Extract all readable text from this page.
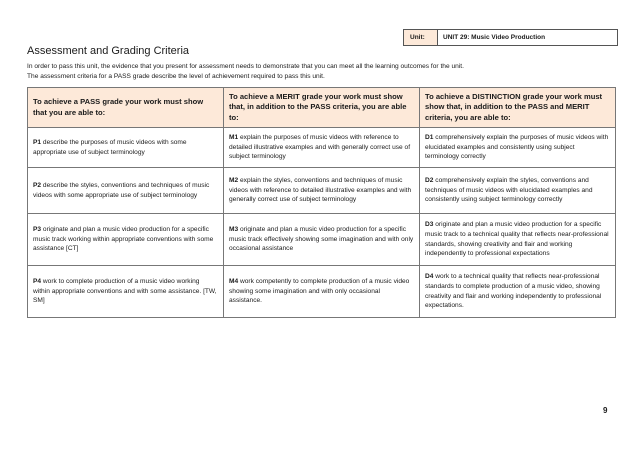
Unit:	UNIT 29: Music Video Production
Assessment and Grading Criteria
In order to pass this unit, the evidence that you present for assessment needs to demonstrate that you can meet all the learning outcomes for the unit.
The assessment criteria for a PASS grade describe the level of achievement required to pass this unit.
To achieve a PASS grade your work must show that you are able to:	To achieve a MERIT grade your work must show that, in addition to the PASS criteria, you are able to:	To achieve a DISTINCTION grade your work must show that, in addition to the PASS and MERIT criteria, you are able to:
P1 describe the purposes of music videos with some appropriate use of subject terminology	M1 explain the purposes of music videos with reference to detailed illustrative examples and with generally correct use of subject terminology	D1 comprehensively explain the purposes of music videos with elucidated examples and consistently using subject terminology correctly
P2 describe the styles, conventions and techniques of music videos with some appropriate use of subject terminology	M2 explain the styles, conventions and techniques of music videos with reference to detailed illustrative examples and with generally correct use of subject terminology	D2 comprehensively explain the styles, conventions and techniques of music videos with elucidated examples and consistently using subject terminology correctly
P3 originate and plan a music video production for a specific music track working within appropriate conventions with some assistance [CT]	M3 originate and plan a music video production for a specific music track effectively showing some imagination and with only occasional assistance	D3 originate and plan a music video production for a specific music track to a technical quality that reflects near-professional standards, showing creativity and flair and working independently to professional expectations
P4 work to complete production of a music video working within appropriate conventions and with some assistance. [TW, SM]	M4 work competently to complete production of a music video showing some imagination and with only occasional assistance.	D4 work to a technical quality that reflects near-professional standards to complete production of a music video, showing creativity and flair and working independently to professional expectations.
9
